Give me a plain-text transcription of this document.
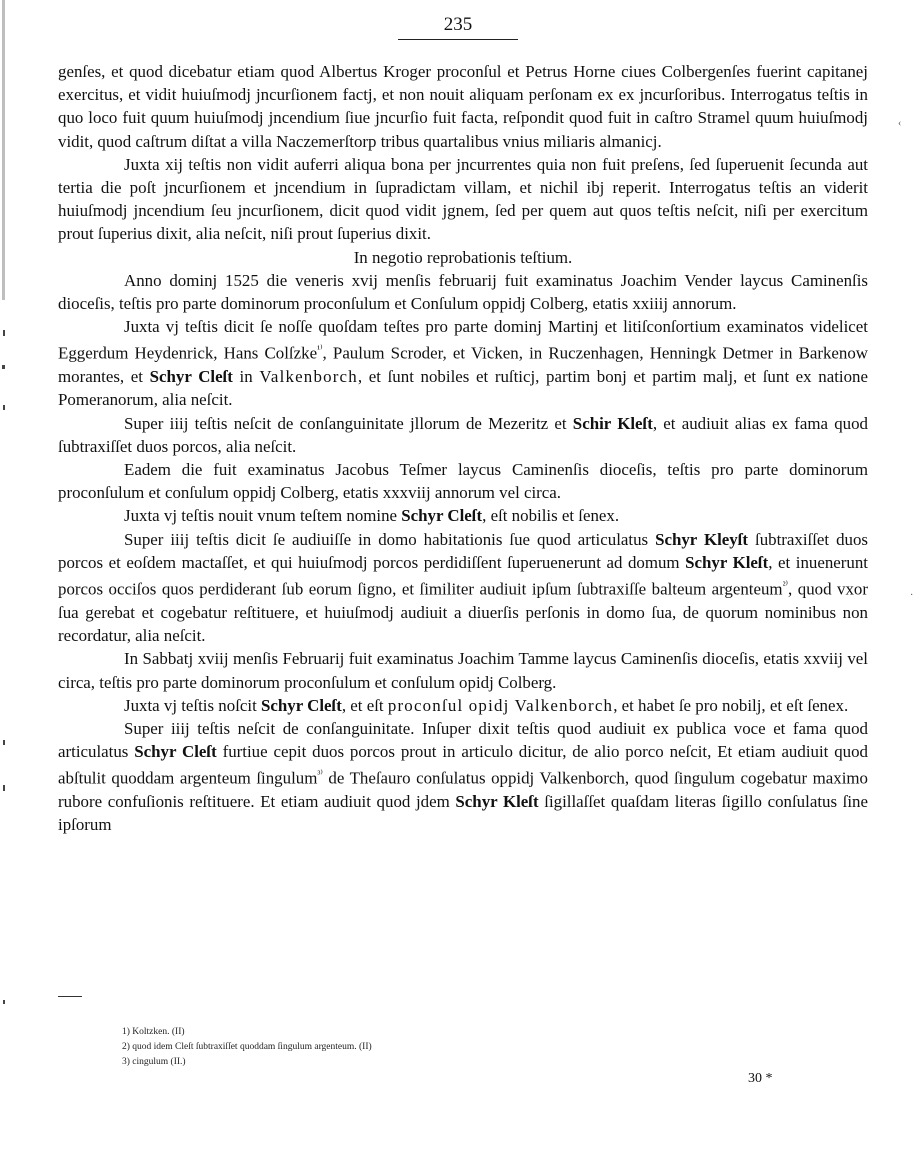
‹
·
235

genſes, et quod dicebatur etiam quod Albertus Kroger proconſul et Petrus Horne ciues Colbergenſes fuerint capitanej exercitus, et vidit huiuſmodj jncurſionem factj, et non nouit aliquam perſonam ex ex jncurſoribus. Interrogatus teſtis in quo loco fuit quum huiuſmodj jncendium ſiue jncurſio fuit facta, reſpondit quod fuit in caſtro Stramel quum huiuſmodj vidit, quod caſtrum diſtat a villa Naczemerſtorp tribus quartalibus vnius miliaris almanicj.

Juxta xij teſtis non vidit auferri aliqua bona per jncurrentes quia non fuit preſens, ſed ſuperuenit ſecunda aut tertia die poſt jncurſionem et jncendium in ſupradictam villam, et nichil ibj reperit. Interrogatus teſtis an viderit huiuſmodj jncendium ſeu jncurſionem, dicit quod vidit jgnem, ſed per quem aut quos teſtis neſcit, niſi per exercitum prout ſuperius dixit, alia neſcit, niſi prout ſuperius dixit.

In negotio reprobationis teſtium.

Anno dominj 1525 die veneris xvij menſis februarij fuit examinatus Joachim Vender laycus Caminenſis dioceſis, teſtis pro parte dominorum proconſulum et Conſulum oppidj Colberg, etatis xxiiij annorum.

Juxta vj teſtis dicit ſe noſſe quoſdam teſtes pro parte dominj Martinj et litiſconſortium examinatos videlicet Eggerdum Heydenrick, Hans Colſzke$^{^{1)}}$, Paulum Scroder, et Vicken, in Ruczenhagen, Henningk Detmer in Barkenow morantes, et Schyr Cleſt in Valkenborch, et ſunt nobiles et ruſticj, partim bonj et partim malj, et ſunt ex natione Pomeranorum, alia neſcit.

Super iiij teſtis neſcit de conſanguinitate jllorum de Mezeritz et Schir Kleſt, et audiuit alias ex fama quod ſubtraxiſſet duos porcos, alia neſcit.

Eadem die fuit examinatus Jacobus Teſmer laycus Caminenſis dioceſis, teſtis pro parte dominorum proconſulum et conſulum oppidj Colberg, etatis xxxviij annorum vel circa.

Juxta vj teſtis nouit vnum teſtem nomine Schyr Cleſt, eſt nobilis et ſenex.

Super iiij teſtis dicit ſe audiuiſſe in domo habitationis ſue quod articulatus Schyr Kleyſt ſubtraxiſſet duos porcos et eoſdem mactaſſet, et qui huiuſmodj porcos perdidiſſent ſuperuenerunt ad domum Schyr Kleſt, et inuenerunt porcos occiſos quos perdiderant ſub eorum ſigno, et ſimiliter audiuit ipſum ſubtraxiſſe balteum argenteum$^{^{2)}}$, quod vxor ſua gerebat et cogebatur reſtituere, et huiuſmodj audiuit a diuerſis perſonis in domo ſua, de quorum nominibus non recordatur, alia neſcit.

In Sabbatj xviij menſis Februarij fuit examinatus Joachim Tamme laycus Caminenſis dioceſis, etatis xxviij vel circa, teſtis pro parte dominorum proconſulum et conſulum opidj Colberg.

Juxta vj teſtis noſcit Schyr Cleſt, et eſt proconſul opidj Valkenborch, et habet ſe pro nobilj, et eſt ſenex.

Super iiij teſtis neſcit de conſanguinitate. Inſuper dixit teſtis quod audiuit ex publica voce et fama quod articulatus Schyr Cleſt furtiue cepit duos porcos prout in articulo dicitur, de alio porco neſcit, Et etiam audiuit quod abſtulit quoddam argenteum ſingulum$^{^{3)}}$ de Theſauro conſulatus oppidj Valkenborch, quod ſingulum cogebatur maximo rubore confuſionis reſtituere. Et etiam audiuit quod jdem Schyr Kleſt ſigillaſſet quaſdam literas ſigillo conſulatus ſine ipſorum

1) Koltzken. (II)

2) quod idem Cleſt ſubtraxiſſet quoddam ſingulum argenteum. (II)

3) cingulum (II.)

30 *
